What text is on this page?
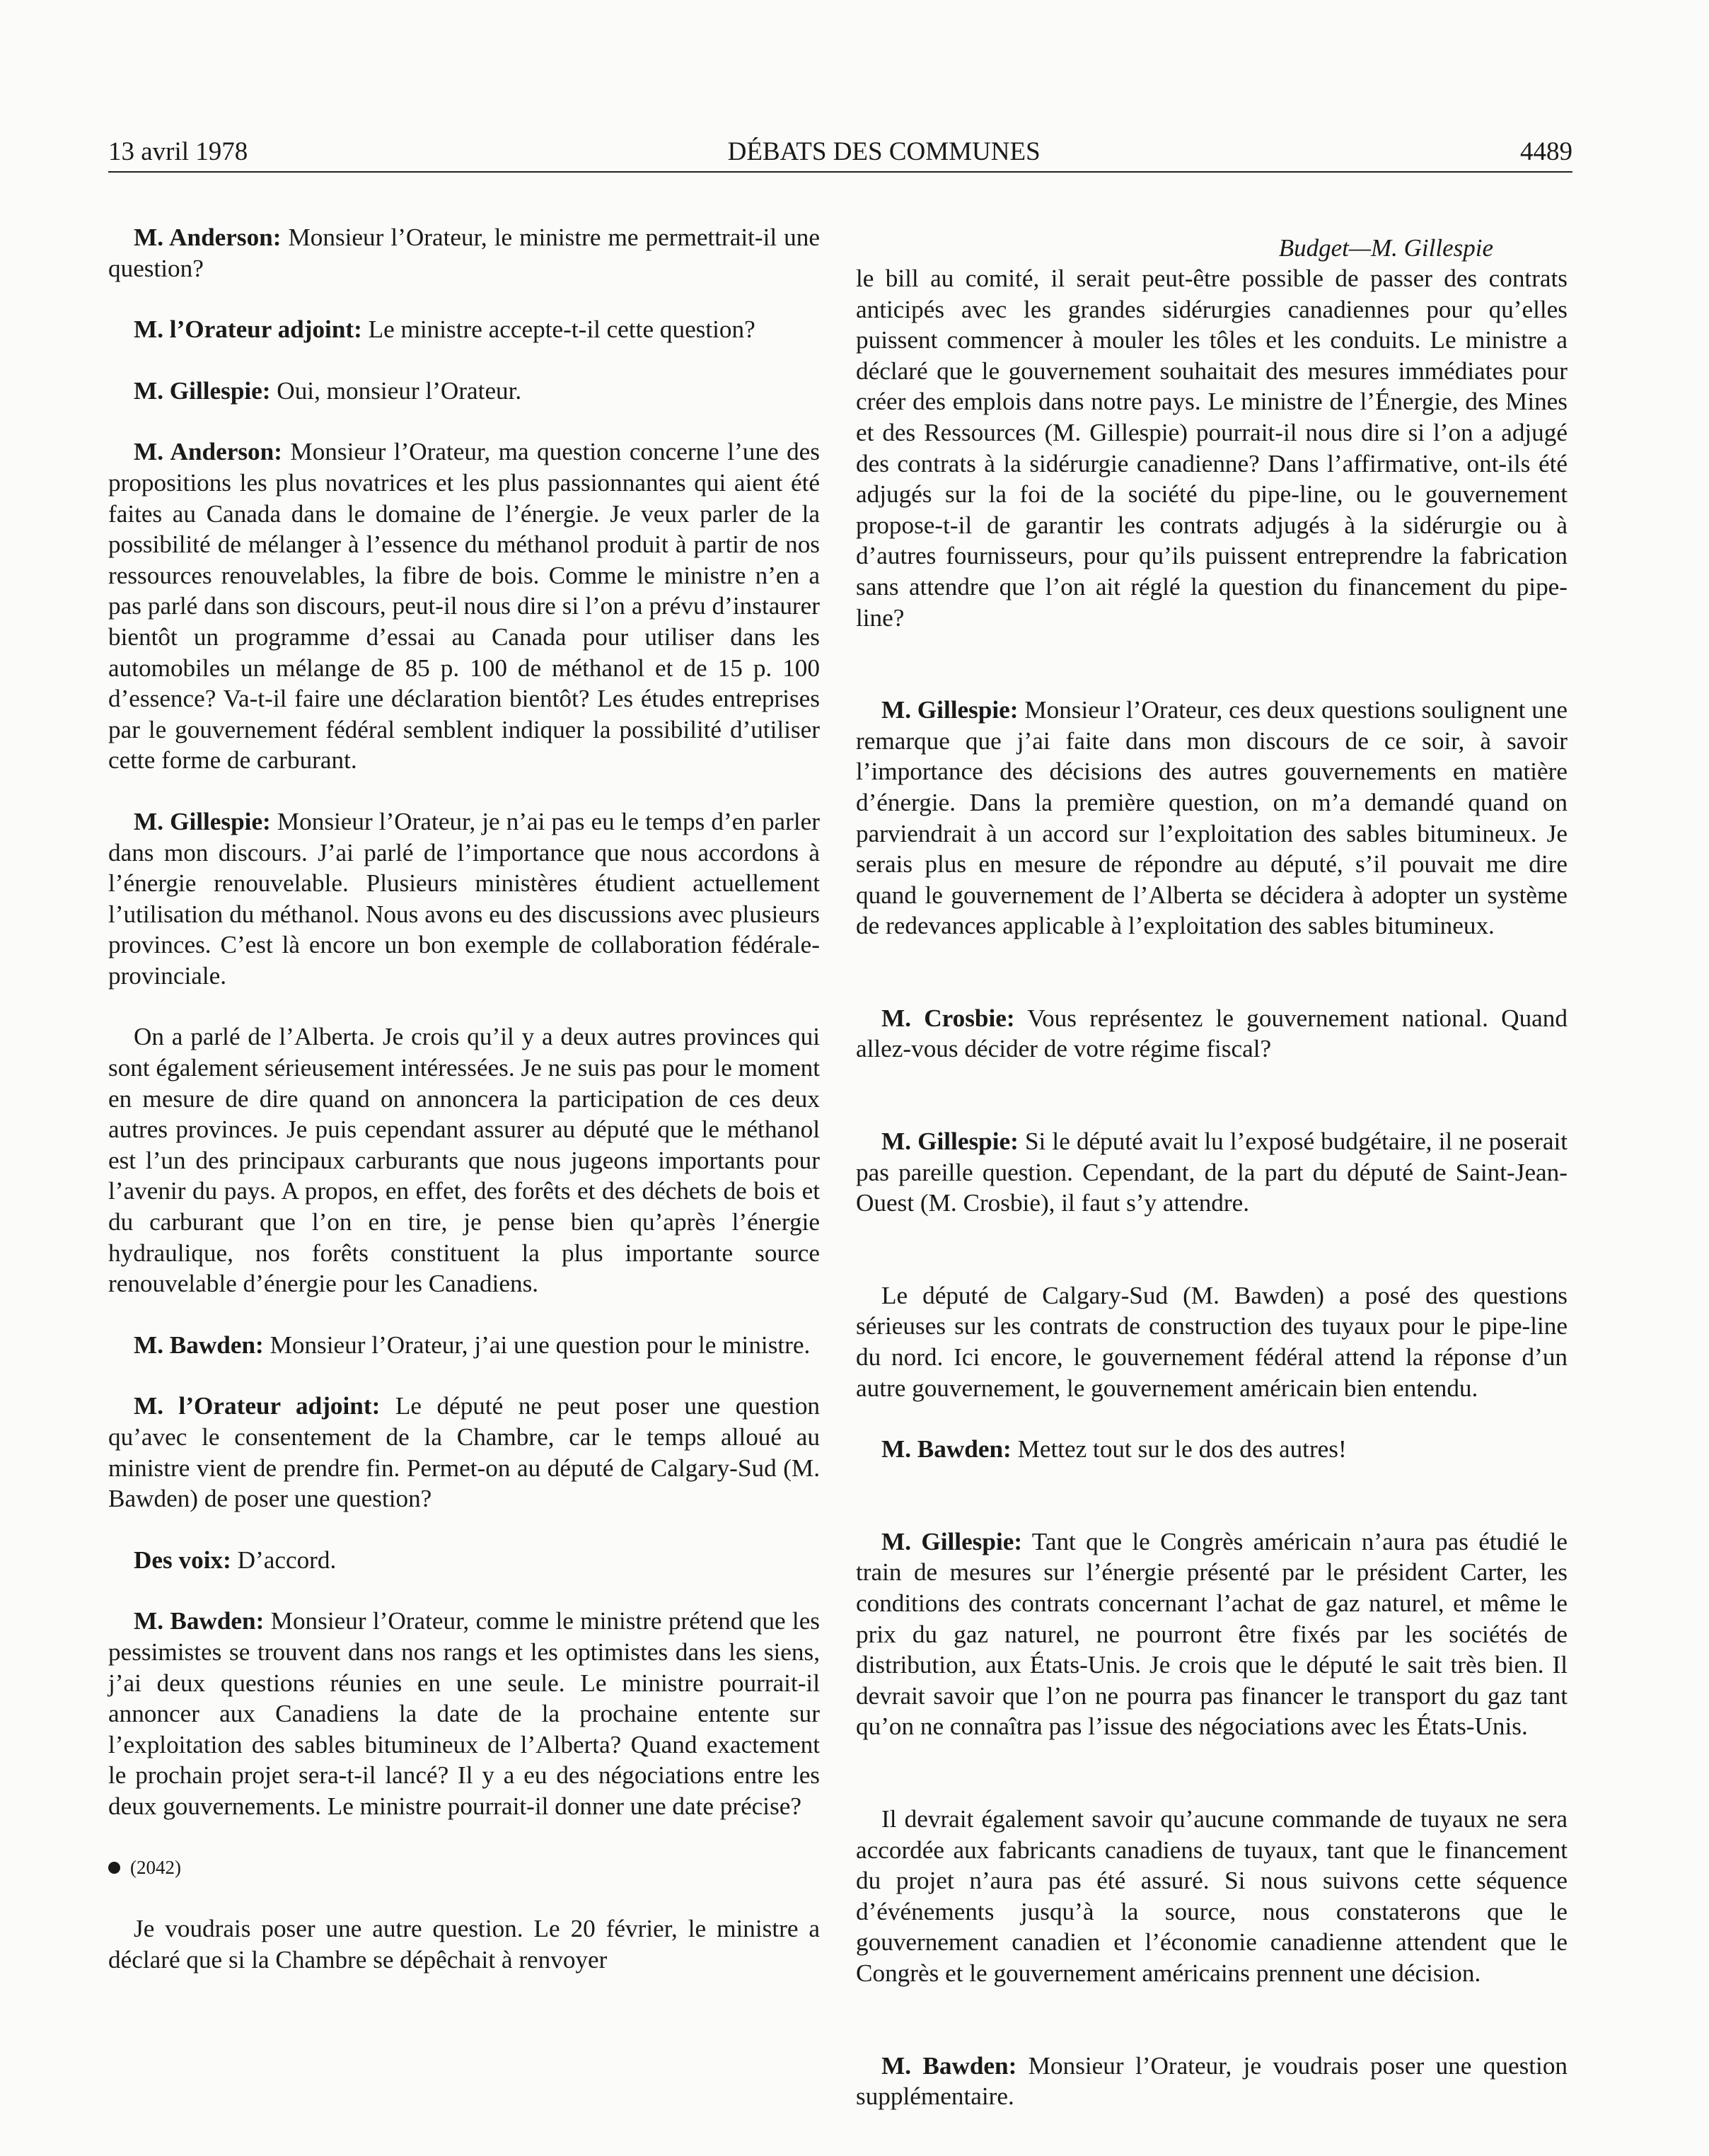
13 avril 1978	DÉBATS DES COMMUNES	4489

M. Anderson: Monsieur l’Orateur, le ministre me permettrait-il une question?

M. l’Orateur adjoint: Le ministre accepte-t-il cette question?

M. Gillespie: Oui, monsieur l’Orateur.

M. Anderson: Monsieur l’Orateur, ma question concerne l’une des propositions les plus novatrices et les plus passionnantes qui aient été faites au Canada dans le domaine de l’énergie. Je veux parler de la possibilité de mélanger à l’essence du méthanol produit à partir de nos ressources renouvelables, la fibre de bois. Comme le ministre n’en a pas parlé dans son discours, peut-il nous dire si l’on a prévu d’instaurer bientôt un programme d’essai au Canada pour utiliser dans les automobiles un mélange de 85 p. 100 de méthanol et de 15 p. 100 d’essence? Va-t-il faire une déclaration bientôt? Les études entreprises par le gouvernement fédéral semblent indiquer la possibilité d’utiliser cette forme de carburant.

M. Gillespie: Monsieur l’Orateur, je n’ai pas eu le temps d’en parler dans mon discours. J’ai parlé de l’importance que nous accordons à l’énergie renouvelable. Plusieurs ministères étudient actuellement l’utilisation du méthanol. Nous avons eu des discussions avec plusieurs provinces. C’est là encore un bon exemple de collaboration fédérale-provinciale.

On a parlé de l’Alberta. Je crois qu’il y a deux autres provinces qui sont également sérieusement intéressées. Je ne suis pas pour le moment en mesure de dire quand on annoncera la participation de ces deux autres provinces. Je puis cependant assurer au député que le méthanol est l’un des principaux carburants que nous jugeons importants pour l’avenir du pays. A propos, en effet, des forêts et des déchets de bois et du carburant que l’on en tire, je pense bien qu’après l’énergie hydraulique, nos forêts constituent la plus importante source renouvelable d’énergie pour les Canadiens.

M. Bawden: Monsieur l’Orateur, j’ai une question pour le ministre.

M. l’Orateur adjoint: Le député ne peut poser une question qu’avec le consentement de la Chambre, car le temps alloué au ministre vient de prendre fin. Permet-on au député de Calgary-Sud (M. Bawden) de poser une question?

Des voix: D’accord.

M. Bawden: Monsieur l’Orateur, comme le ministre prétend que les pessimistes se trouvent dans nos rangs et les optimistes dans les siens, j’ai deux questions réunies en une seule. Le ministre pourrait-il annoncer aux Canadiens la date de la prochaine entente sur l’exploitation des sables bitumineux de l’Alberta? Quand exactement le prochain projet sera-t-il lancé? Il y a eu des négociations entre les deux gouvernements. Le ministre pourrait-il donner une date précise?

(2042)

Je voudrais poser une autre question. Le 20 février, le ministre a déclaré que si la Chambre se dépêchait à renvoyer

Budget—M. Gillespie

le bill au comité, il serait peut-être possible de passer des contrats anticipés avec les grandes sidérurgies canadiennes pour qu’elles puissent commencer à mouler les tôles et les conduits. Le ministre a déclaré que le gouvernement souhaitait des mesures immédiates pour créer des emplois dans notre pays. Le ministre de l’Énergie, des Mines et des Ressources (M. Gillespie) pourrait-il nous dire si l’on a adjugé des contrats à la sidérurgie canadienne? Dans l’affirmative, ont-ils été adjugés sur la foi de la société du pipe-line, ou le gouvernement propose-t-il de garantir les contrats adjugés à la sidérurgie ou à d’autres fournisseurs, pour qu’ils puissent entreprendre la fabrication sans attendre que l’on ait réglé la question du financement du pipe-line?

M. Gillespie: Monsieur l’Orateur, ces deux questions soulignent une remarque que j’ai faite dans mon discours de ce soir, à savoir l’importance des décisions des autres gouvernements en matière d’énergie. Dans la première question, on m’a demandé quand on parviendrait à un accord sur l’exploitation des sables bitumineux. Je serais plus en mesure de répondre au député, s’il pouvait me dire quand le gouvernement de l’Alberta se décidera à adopter un système de redevances applicable à l’exploitation des sables bitumineux.

M. Crosbie: Vous représentez le gouvernement national. Quand allez-vous décider de votre régime fiscal?

M. Gillespie: Si le député avait lu l’exposé budgétaire, il ne poserait pas pareille question. Cependant, de la part du député de Saint-Jean-Ouest (M. Crosbie), il faut s’y attendre.

Le député de Calgary-Sud (M. Bawden) a posé des questions sérieuses sur les contrats de construction des tuyaux pour le pipe-line du nord. Ici encore, le gouvernement fédéral attend la réponse d’un autre gouvernement, le gouvernement américain bien entendu.

M. Bawden: Mettez tout sur le dos des autres!

M. Gillespie: Tant que le Congrès américain n’aura pas étudié le train de mesures sur l’énergie présenté par le président Carter, les conditions des contrats concernant l’achat de gaz naturel, et même le prix du gaz naturel, ne pourront être fixés par les sociétés de distribution, aux États-Unis. Je crois que le député le sait très bien. Il devrait savoir que l’on ne pourra pas financer le transport du gaz tant qu’on ne connaîtra pas l’issue des négociations avec les États-Unis.

Il devrait également savoir qu’aucune commande de tuyaux ne sera accordée aux fabricants canadiens de tuyaux, tant que le financement du projet n’aura pas été assuré. Si nous suivons cette séquence d’événements jusqu’à la source, nous constaterons que le gouvernement canadien et l’économie canadienne attendent que le Congrès et le gouvernement américains prennent une décision.

M. Bawden: Monsieur l’Orateur, je voudrais poser une question supplémentaire.
